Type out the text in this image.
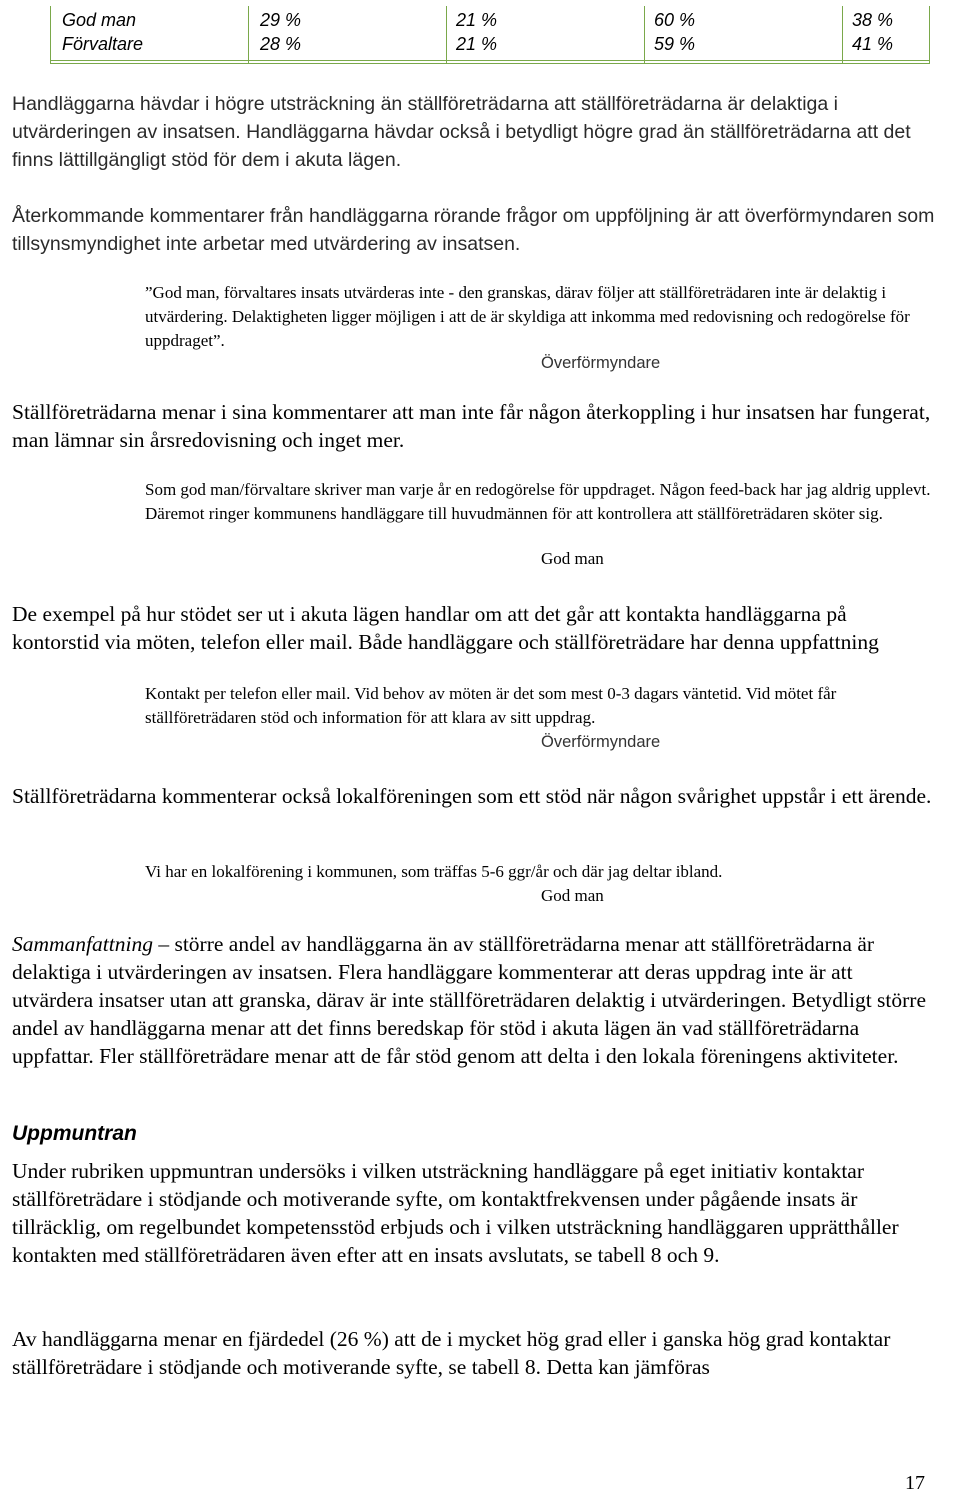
God man	29 %	21 %	60 %	38 %
Förvaltare	28 %	21 %	59 %	41 %

Handläggarna hävdar i högre utsträckning än ställföreträdarna att ställföreträdarna är delaktiga i utvärderingen av insatsen. Handläggarna hävdar också i betydligt högre grad än ställföreträdarna att det finns lättillgängligt stöd för dem i akuta lägen.

Återkommande kommentarer från handläggarna rörande frågor om uppföljning är att överförmyndaren som tillsynsmyndighet inte arbetar med utvärdering av insatsen.

”God man, förvaltares insats utvärderas inte - den granskas, därav följer att ställföreträdaren inte är delaktig i utvärdering. Delaktigheten ligger möjligen i att de är skyldiga att inkomma med redovisning och redogörelse för uppdraget”.

Överförmyndare

Ställföreträdarna menar i sina kommentarer att man inte får någon återkoppling i hur insatsen har fungerat, man lämnar sin årsredovisning och inget mer.

Som god man/förvaltare skriver man varje år en redogörelse för uppdraget. Någon feed-back har jag aldrig upplevt. Däremot ringer kommunens handläggare till huvudmännen för att kontrollera att ställföreträdaren sköter sig.

God man

De exempel på hur stödet ser ut i akuta lägen handlar om att det går att kontakta handläggarna på kontorstid via möten, telefon eller mail. Både handläggare och ställföreträdare har denna uppfattning

Kontakt per telefon eller mail. Vid behov av möten är det som mest 0-3 dagars väntetid. Vid mötet får ställföreträdaren stöd och information för att klara av sitt uppdrag.

Överförmyndare

Ställföreträdarna kommenterar också lokalföreningen som ett stöd när någon svårighet uppstår i ett ärende.

Vi har en lokalförening i kommunen, som träffas 5-6 ggr/år och där jag deltar ibland.

God man

Sammanfattning – större andel av handläggarna än av ställföreträdarna menar att ställföreträdarna är delaktiga i utvärderingen av insatsen. Flera handläggare kommenterar att deras uppdrag inte är att utvärdera insatser utan att granska, därav är inte ställföreträdaren delaktig i utvärderingen. Betydligt större andel av handläggarna menar att det finns beredskap för stöd i akuta lägen än vad ställföreträdarna uppfattar. Fler ställföreträdare menar att de får stöd genom att delta i den lokala föreningens aktiviteter.

Uppmuntran

Under rubriken uppmuntran undersöks i vilken utsträckning handläggare på eget initiativ kontaktar ställföreträdare i stödjande och motiverande syfte, om kontaktfrekvensen under pågående insats är tillräcklig, om regelbundet kompetensstöd erbjuds och i vilken utsträckning handläggaren upprätthåller kontakten med ställföreträdaren även efter att en insats avslutats, se tabell 8 och 9.

Av handläggarna menar en fjärdedel (26 %) att de i mycket hög grad eller i ganska hög grad kontaktar ställföreträdare i stödjande och motiverande syfte, se tabell 8. Detta kan jämföras

17
